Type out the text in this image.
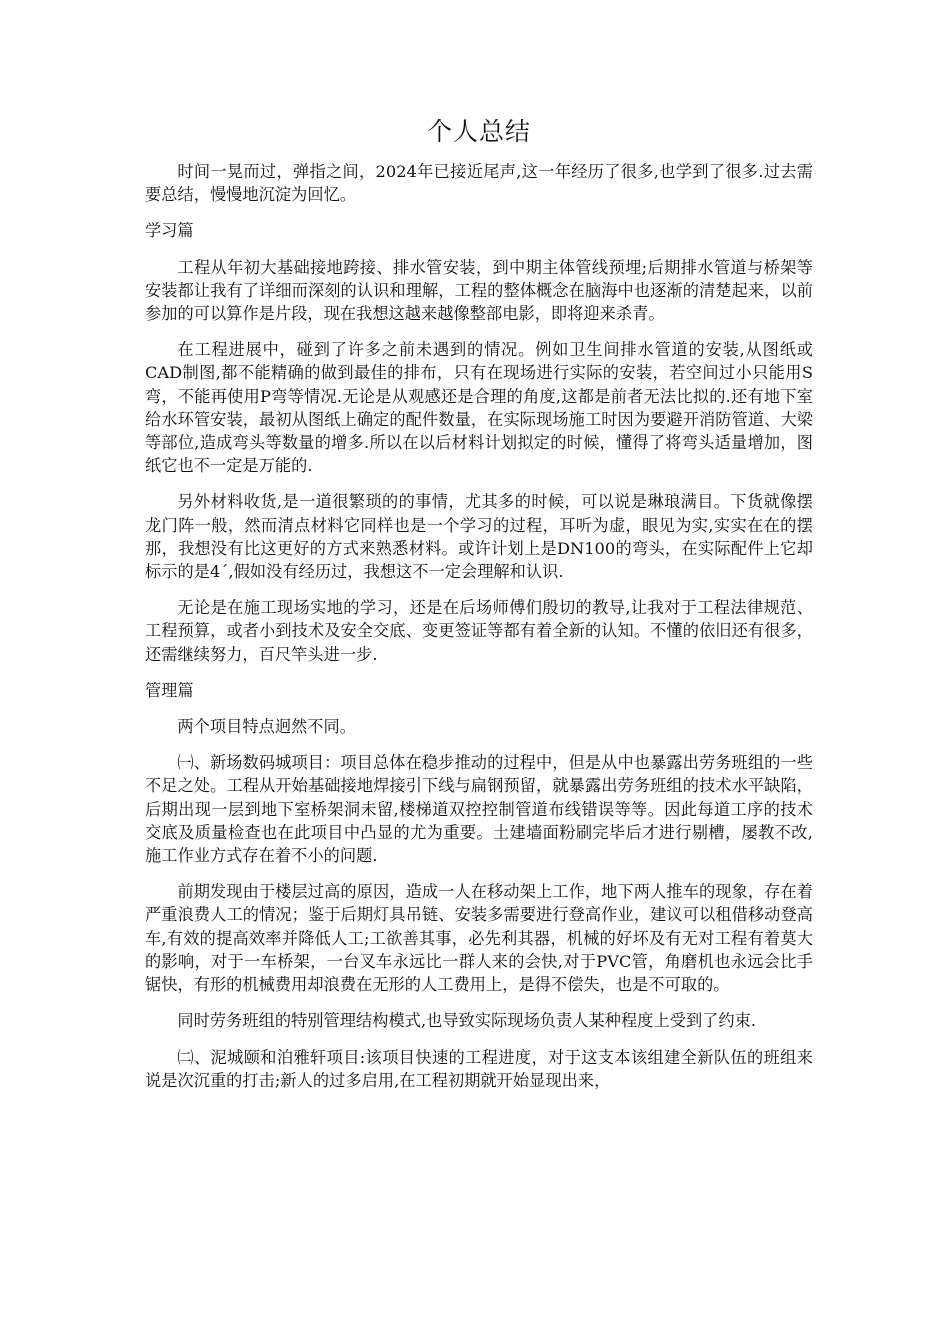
个人总结

时间一晃而过，弹指之间，2024年已接近尾声,这一年经历了很多,也学到了很多.过去需要总结，慢慢地沉淀为回忆。

学习篇

工程从年初大基础接地跨接、排水管安装，到中期主体管线预埋;后期排水管道与桥架等安装都让我有了详细而深刻的认识和理解，工程的整体概念在脑海中也逐渐的清楚起来，以前参加的可以算作是片段，现在我想这越来越像整部电影，即将迎来杀青。

在工程进展中，碰到了许多之前未遇到的情况。例如卫生间排水管道的安装,从图纸或CAD制图,都不能精确的做到最佳的排布，只有在现场进行实际的安装，若空间过小只能用S弯，不能再使用P弯等情况.无论是从观感还是合理的角度,这都是前者无法比拟的.还有地下室给水环管安装，最初从图纸上确定的配件数量，在实际现场施工时因为要避开消防管道、大梁等部位,造成弯头等数量的增多.所以在以后材料计划拟定的时候，懂得了将弯头适量增加，图纸它也不一定是万能的.

另外材料收货,是一道很繁琐的的事情，尤其多的时候，可以说是琳琅满目。下货就像摆龙门阵一般，然而清点材料它同样也是一个学习的过程，耳听为虚，眼见为实,实实在在的摆那，我想没有比这更好的方式来熟悉材料。或许计划上是DN100的弯头，在实际配件上它却标示的是4´,假如没有经历过，我想这不一定会理解和认识.

无论是在施工现场实地的学习，还是在后场师傅们殷切的教导,让我对于工程法律规范、工程预算，或者小到技术及安全交底、变更签证等都有着全新的认知。不懂的依旧还有很多，还需继续努力，百尺竿头进一步.

管理篇

两个项目特点迥然不同。

㈠、新场数码城项目：项目总体在稳步推动的过程中，但是从中也暴露出劳务班组的一些不足之处。工程从开始基础接地焊接引下线与扁钢预留，就暴露出劳务班组的技术水平缺陷，后期出现一层到地下室桥架洞未留,楼梯道双控控制管道布线错误等等。因此每道工序的技术交底及质量检查也在此项目中凸显的尤为重要。土建墙面粉刷完毕后才进行剔槽，屡教不改,施工作业方式存在着不小的问题.

前期发现由于楼层过高的原因，造成一人在移动架上工作，地下两人推车的现象，存在着严重浪费人工的情况；鉴于后期灯具吊链、安装多需要进行登高作业，建议可以租借移动登高车,有效的提高效率并降低人工;工欲善其事，必先利其器，机械的好坏及有无对工程有着莫大的影响，对于一车桥架，一台叉车永远比一群人来的会快,对于PVC管，角磨机也永远会比手锯快，有形的机械费用却浪费在无形的人工费用上，是得不偿失，也是不可取的。

同时劳务班组的特别管理结构模式,也导致实际现场负责人某种程度上受到了约束.

㈡、泥城颐和泊雅轩项目:该项目快速的工程进度，对于这支本该组建全新队伍的班组来说是次沉重的打击;新人的过多启用,在工程初期就开始显现出来，
